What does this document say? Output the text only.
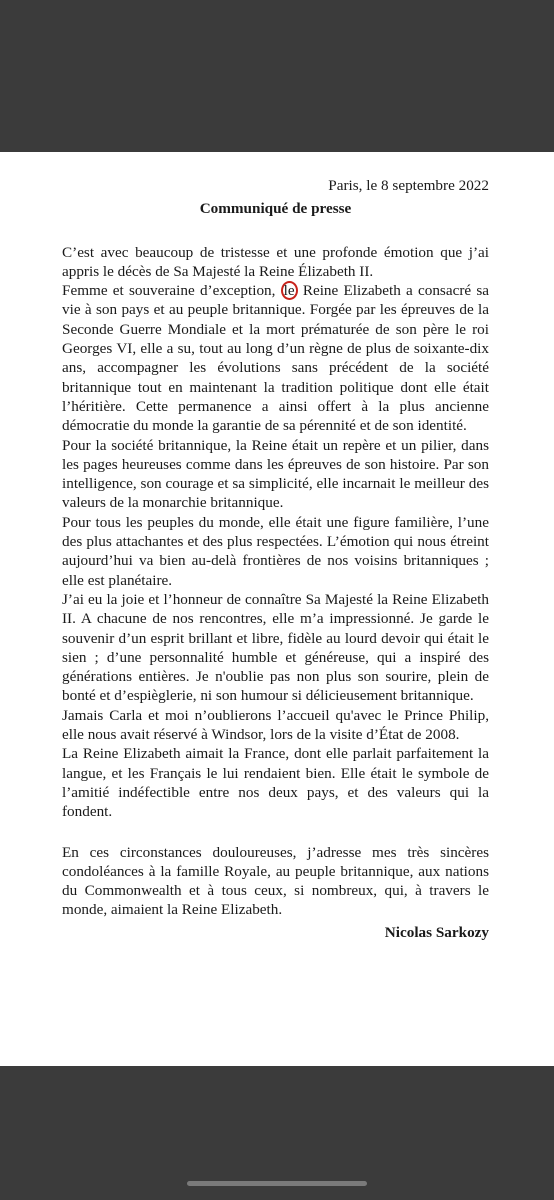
Paris, le 8 septembre 2022

Communiqué de presse

C’est avec beaucoup de tristesse et une profonde émotion que j’ai appris le décès de Sa Majesté la Reine Élizabeth II.

Femme et souveraine d’exception, le Reine Elizabeth a consacré sa vie à son pays et au peuple britannique. Forgée par les épreuves de la Seconde Guerre Mondiale et la mort prématurée de son père le roi Georges VI, elle a su, tout au long d’un règne de plus de soixante-dix ans, accompagner les évolutions sans précédent de la société britannique tout en maintenant la tradition politique dont elle était l’héritière. Cette permanence a ainsi offert à la plus ancienne démocratie du monde la garantie de sa pérennité et de son identité.

Pour la société britannique, la Reine était un repère et un pilier, dans les pages heureuses comme dans les épreuves de son histoire. Par son intelligence, son courage et sa simplicité, elle incarnait le meilleur des valeurs de la monarchie britannique.

Pour tous les peuples du monde, elle était une figure familière, l’une des plus attachantes et des plus respectées. L’émotion qui nous étreint aujourd’hui va bien au-delà frontières de nos voisins britanniques ; elle est planétaire.

J’ai eu la joie et l’honneur de connaître Sa Majesté la Reine Elizabeth II. A chacune de nos rencontres, elle m’a impressionné. Je garde le souvenir d’un esprit brillant et libre, fidèle au lourd devoir qui était le sien ; d’une personnalité humble et généreuse, qui a inspiré des générations entières. Je n'oublie pas non plus son sourire, plein de bonté et d’espièglerie, ni son humour si délicieusement britannique.

Jamais Carla et moi n’oublierons l’accueil qu'avec le Prince Philip, elle nous avait réservé à Windsor, lors de la visite d’État de 2008.

La Reine Elizabeth aimait la France, dont elle parlait parfaitement la langue, et les Français le lui rendaient bien. Elle était le symbole de l’amitié indéfectible entre nos deux pays, et des valeurs qui la fondent.

En ces circonstances douloureuses, j’adresse mes très sincères condoléances à la famille Royale, au peuple britannique, aux nations du Commonwealth et à tous ceux, si nombreux, qui, à travers le monde, aimaient la Reine Elizabeth.

Nicolas Sarkozy
